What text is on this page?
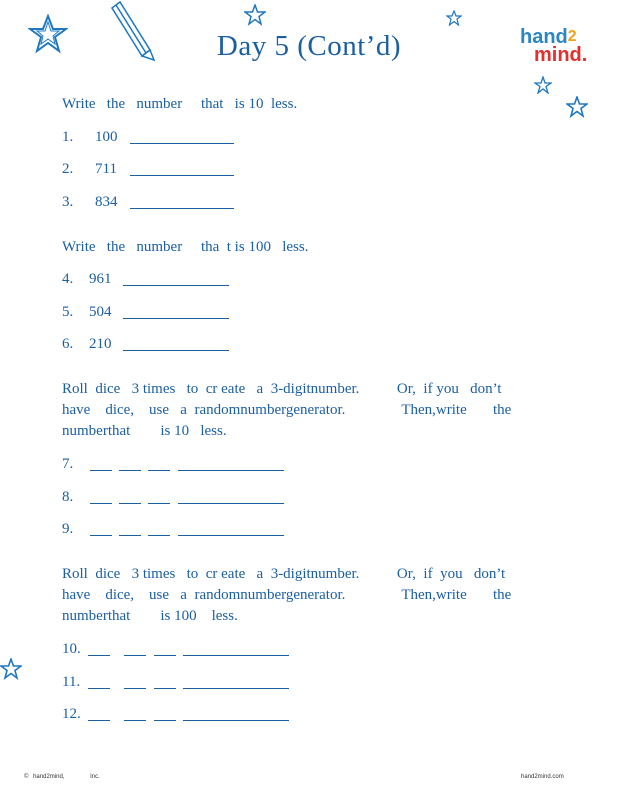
Day 5 (Cont’d)	hand$^2$
mind.
Write   the   number     that   is 10  less.
1. 100
2. 711
3. 834
Write   the   number     tha  t is 100   less.
4. 961
5. 504
6. 210
Roll  dice   3 times   to  cr eate   a  3-digitnumber.          Or,  if you   don’t
have    dice,    use   a  randomnumbergenerator.               Then,write       the
numberthat        is 10   less.
7.
8.
9.
Roll  dice   3 times   to  cr eate   a  3-digitnumber.          Or,  if  you   don’t
have    dice,    use   a  randomnumbergenerator.               Then,write       the
numberthat        is 100    less.
10.
11.
12.
© hand2mind,	Inc.	hand2mind.com
